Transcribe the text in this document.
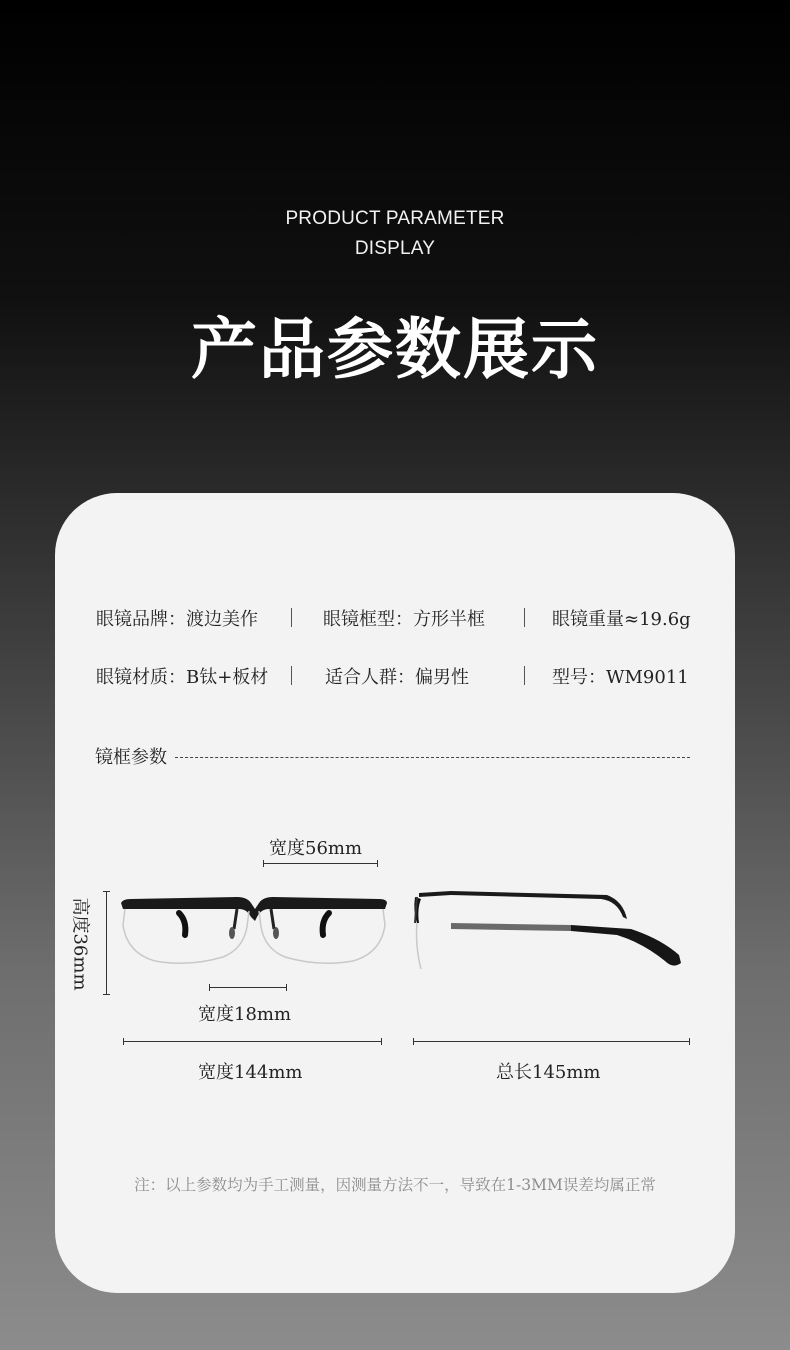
PRODUCT PARAMETER
DISPLAY
产品参数展示
眼镜品牌：渡边美作	眼镜框型：方形半框	眼镜重量≈19.6g
眼镜材质：B钛+板材	适合人群：偏男性	型号：WM9011
镜框参数
宽度56mm
高度36mm
宽度18mm
宽度144mm	总长145mm
注：以上参数均为手工测量，因测量方法不一，导致在1-3MM误差均属正常
